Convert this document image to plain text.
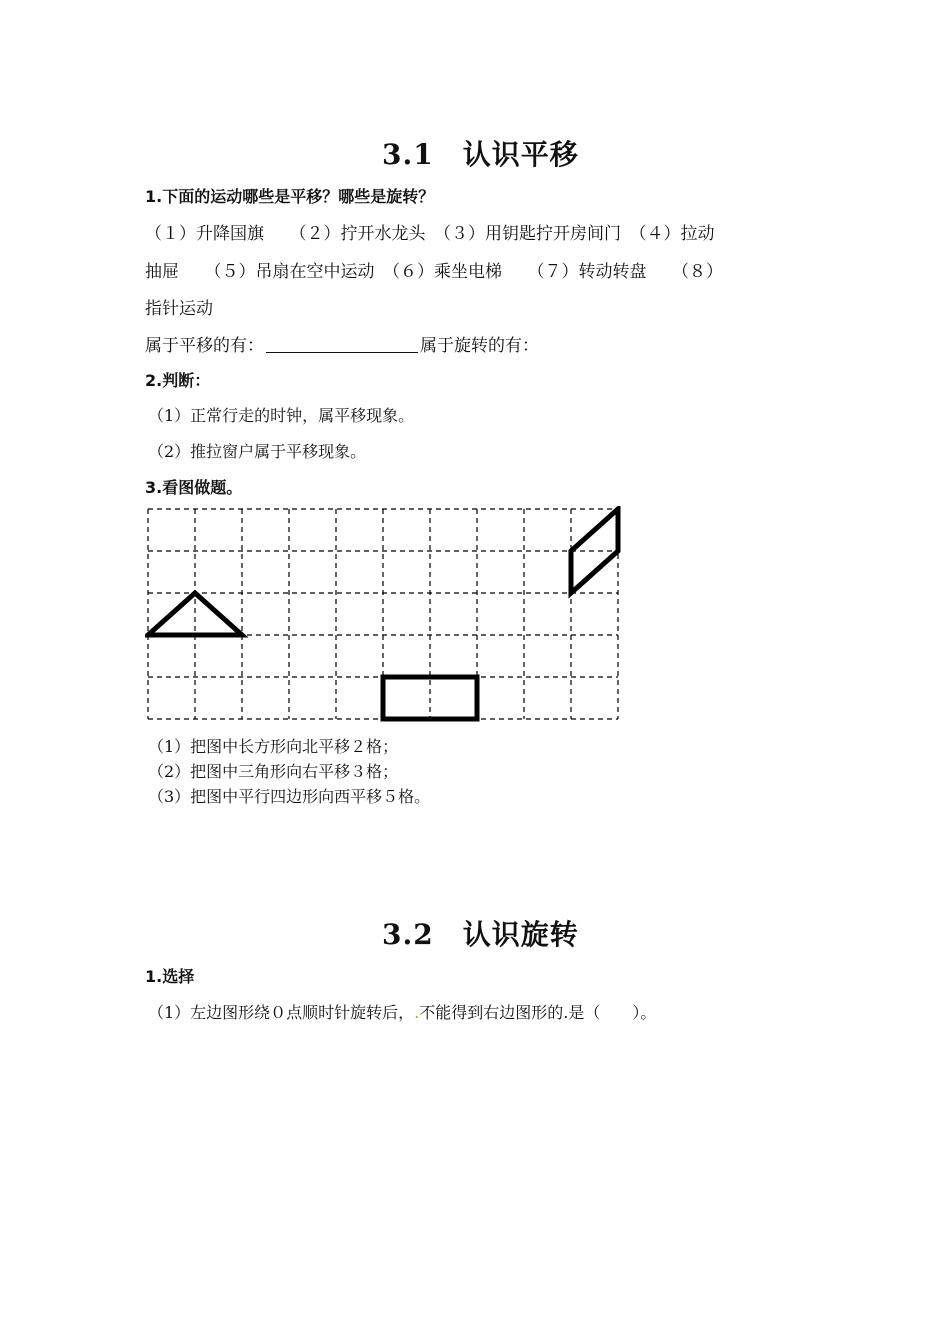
3.1　认识平移
1.下面的运动哪些是平移？哪些是旋转？
（１）升降国旗　　（２）拧开水龙头　（３）用钥匙拧开房间门　（４）拉动
抽屉　　（５）吊扇在空中运动　（６）乘坐电梯　　（７）转动转盘　　（８）
指针运动
属于平移的有：	属于旋转的有：
2.判断：
（1）正常行走的时钟，属平移现象。
（2）推拉窗户属于平移现象。
3.看图做题。
（1）把图中长方形向北平移２格；
（2）把图中三角形向右平移３格；
（3）把图中平行四边形向西平移５格。
3.2　认识旋转
1.选择
（1）左边图形绕０点顺时针旋转后，.不能得到右边图形的.是（　　）。
